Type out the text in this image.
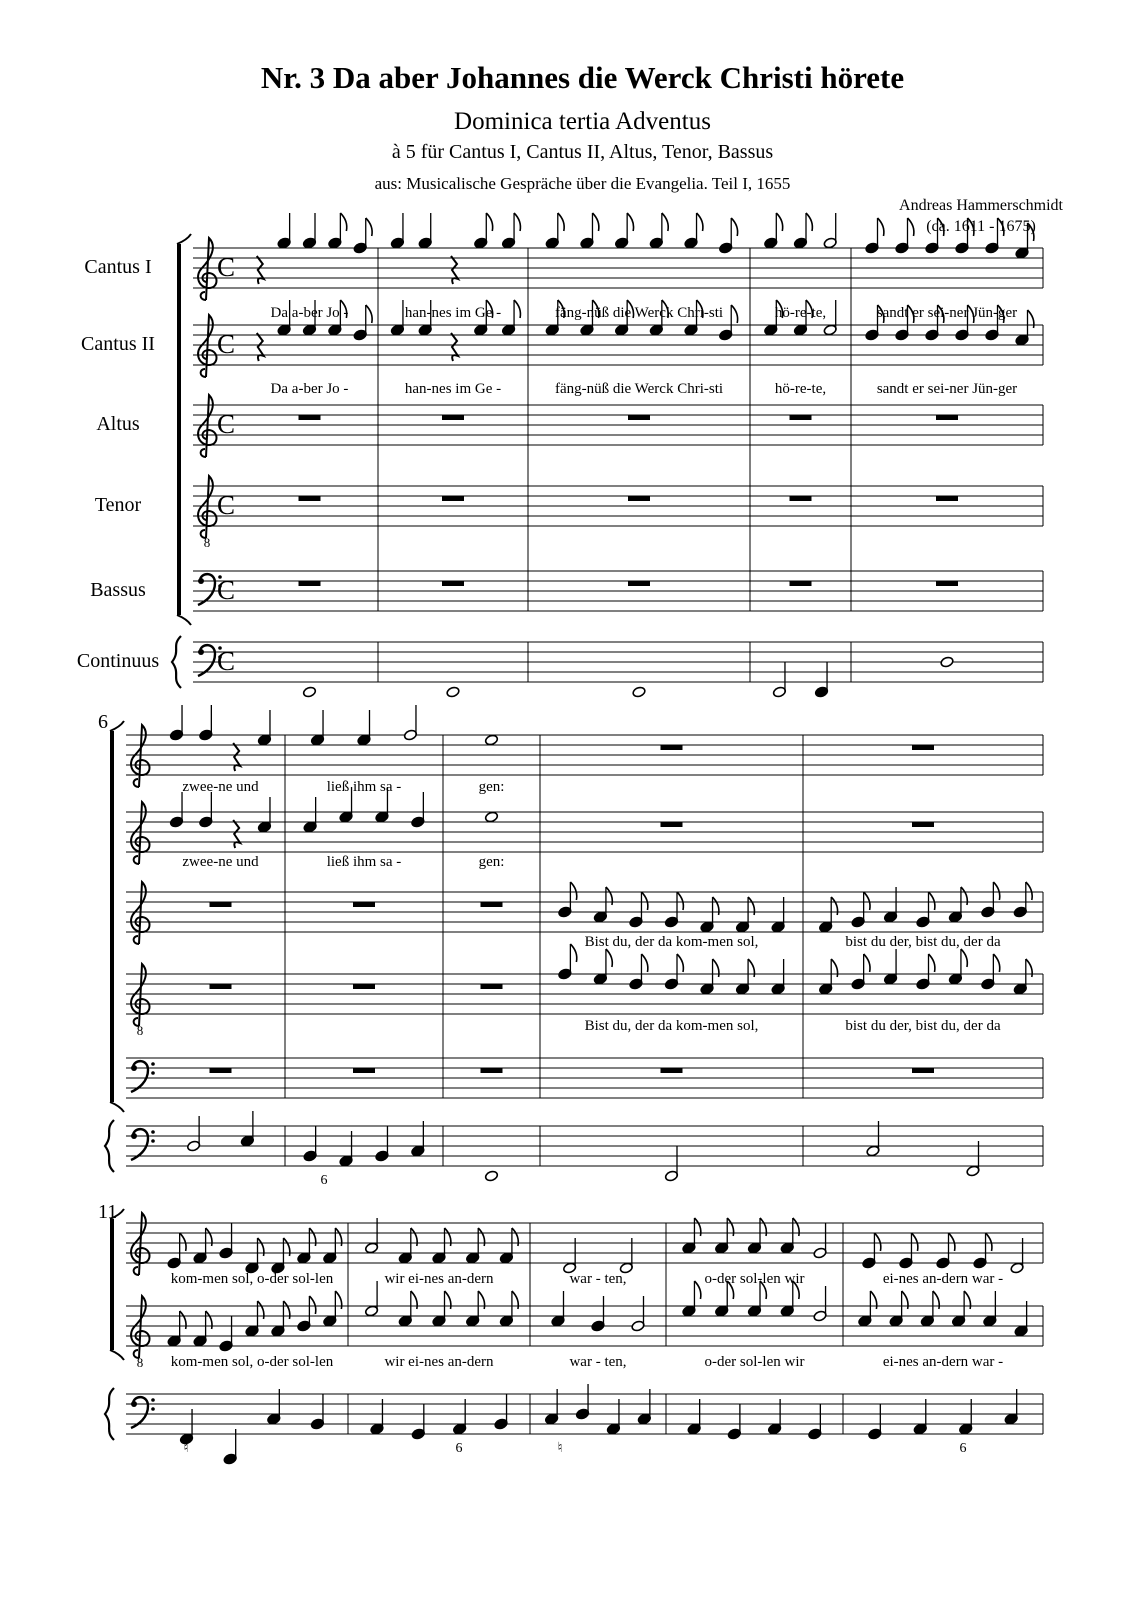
Nr. 3 Da aber Johannes die Werck Christi hörete
Dominica tertia Adventus
à 5 für Cantus I, Cantus II, Altus, Tenor, Bassus
aus: Musicalische Gespräche über die Evangelia. Teil I, 1655
Andreas Hammerschmidt
(ca. 1611 - 1675)
Cantus I
Cantus II
Altus
Tenor
Bassus
Continuus
C
C
C
8
C
C
C
Da a-ber Jo -
Da a-ber Jo -
han-nes im Ge -
han-nes im Ge -
fäng-nüß die Werck Chri-sti
fäng-nüß die Werck Chri-sti
hö-re-te,
hö-re-te,
sandt er sei-ner Jün-ger
sandt er sei-ner Jün-ger
6
8
zwee-ne und
zwee-ne und
ließ ihm sa -
ließ ihm sa -
6
gen:
gen:
Bist du, der da kom-men sol,
Bist du, der da kom-men sol,
bist du der, bist du, der da
bist du der, bist du, der da
11
8
kom-men sol, o-der sol-len
kom-men sol, o-der sol-len
♮
wir ei-nes an-dern
wir ei-nes an-dern
6
war - ten,
war - ten,
♮
o-der sol-len wir
o-der sol-len wir
ei-nes an-dern war -
ei-nes an-dern war -
6
